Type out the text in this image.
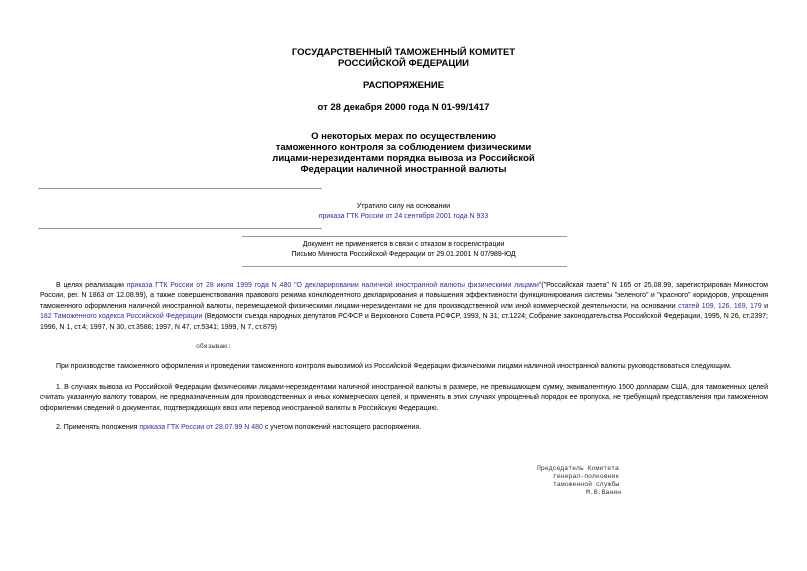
ГОСУДАРСТВЕННЫЙ ТАМОЖЕННЫЙ КОМИТЕТ
РОССИЙСКОЙ ФЕДЕРАЦИИ
РАСПОРЯЖЕНИЕ
от 28 декабря 2000 года N 01-99/1417
О некоторых мерах по осуществлению
таможенного контроля за соблюдением физическими
лицами-нерезидентами порядка вывоза из Российской
Федерации наличной иностранной валюты
Утратило силу на основании
приказа ГТК России от 24 сентября 2001 года N 933
Документ не применяется в связи с отказом в госрегистрации
Письмо Минюста Российской Федерации от 29.01.2001 N 07/989-ЮД
В целях реализации приказа ГТК России от 28 июля 1999 года N 480 "О декларировании наличной иностранной валюты физическими лицами"("Российская газета" N 165 от 25.08.99, зарегистрирован Минюстом России, рег. N 1863 от 12.08.99), а также совершенствования правового режима конклюдентного декларирования и повышения эффективности функционирования системы "зеленого" и "красного" коридоров, упрощения таможенного оформления наличной иностранной валюты, перемещаемой физическими лицами-нерезидентами не для производственной или иной коммерческой деятельности, на основании статей 109, 126, 169, 179 и 182 Таможенного кодекса Российской Федерации (Ведомости съезда народных депутатов РСФСР и Верховного Совета РСФСР, 1993, N 31, ст.1224; Собрание законодательства Российской Федерации, 1995, N 26, ст.2397; 1996, N 1, ст.4; 1997, N 30, ст.3586; 1997, N 47, ст.5341; 1999, N 7, ст.879)
обязываю:
При производстве таможенного оформления и проведении таможенного контроля вывозимой из Российской Федерации физическими лицами наличной иностранной валюты руководствоваться следующим.
1. В случаях вывоза из Российской Федерации физическими лицами-нерезидентами наличной иностранной валюты в размере, не превышающем сумму, эквивалентную 1500 долларам США, для таможенных целей считать указанную валюту товаром, не предназначенным для производственных и иных коммерческих целей, и применять в этих случаях упрощенный порядок ее пропуска, не требующий представления при таможенном оформлении сведений о документах, подтверждающих ввоз или перевод иностранной валюты в Российскую Федерацию.
2. Применять положения приказа ГТК России от 28.07.99 N 480 с учетом положений настоящего распоряжения.
Председатель Комитета
генерал-полковник
таможенной службы
М.В.Ванин
